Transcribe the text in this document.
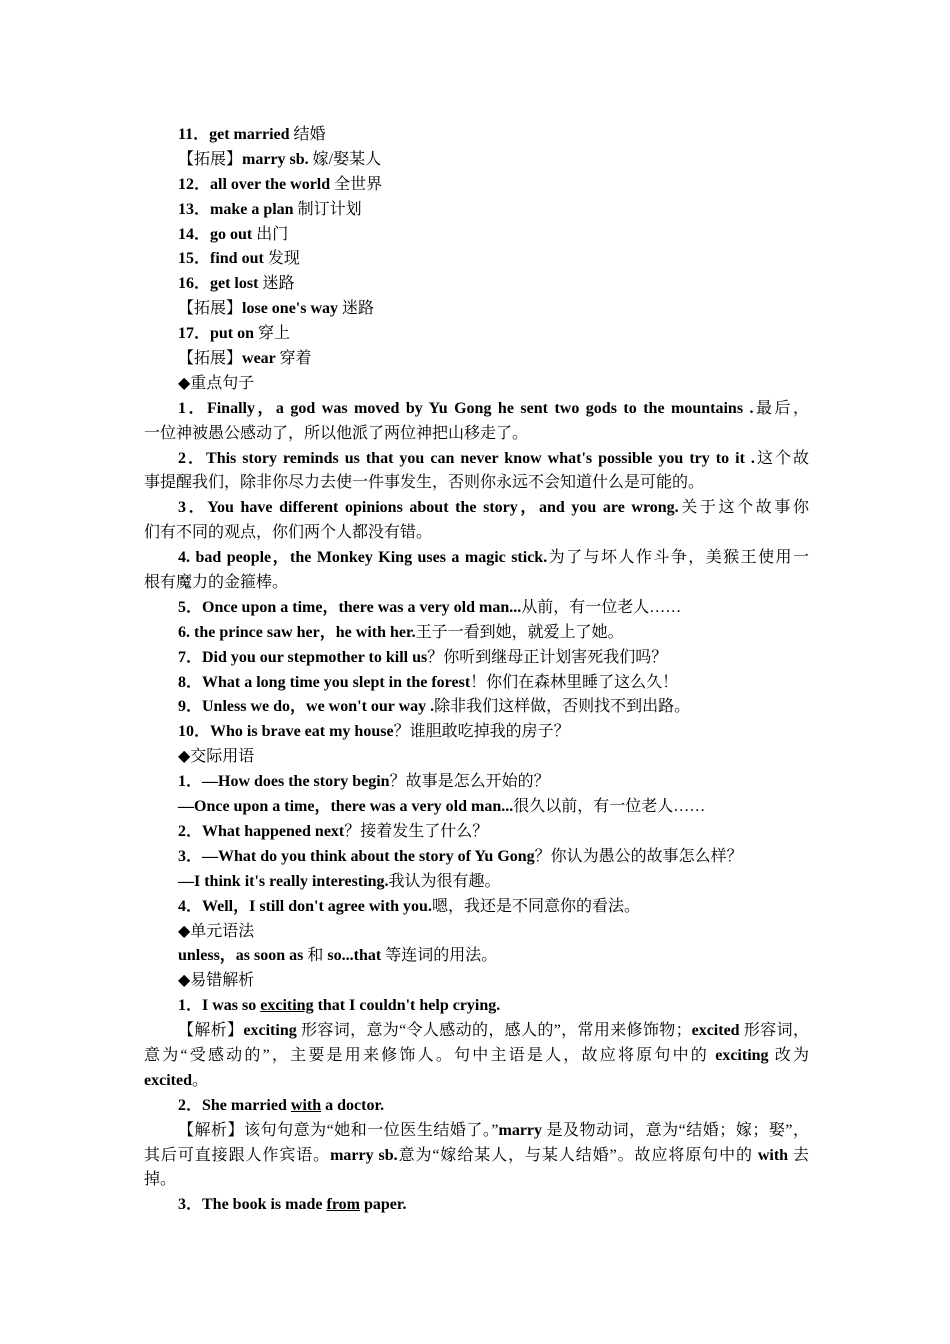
11．get married 结婚
【拓展】marry sb. 嫁/娶某人
12．all over the world 全世界
13．make a plan 制订计划
14．go out 出门
15．find out 发现
16．get lost 迷路
【拓展】lose one's way 迷路
17．put on 穿上
【拓展】wear 穿着
◆重点句子
1．Finally，a god was moved by Yu Gong he sent two gods to the mountains .最后，
一位神被愚公感动了，所以他派了两位神把山移走了。
2．This story reminds us that you can never know what's possible you try to it .这个故
事提醒我们，除非你尽力去使一件事发生，否则你永远不会知道什么是可能的。
3．You have different opinions about the story，and you are wrong.关于这个故事你
们有不同的观点，你们两个人都没有错。
4. bad people，the Monkey King uses a magic stick.为了与坏人作斗争，美猴王使用一
根有魔力的金箍棒。
5．Once upon a time，there was a very old man...从前，有一位老人……
6. the prince saw her，he with her.王子一看到她，就爱上了她。
7．Did you our stepmother to kill us？你听到继母正计划害死我们吗？
8．What a long time you slept in the forest！你们在森林里睡了这么久！
9．Unless we do，we won't our way .除非我们这样做，否则找不到出路。
10．Who is brave eat my house？谁胆敢吃掉我的房子？
◆交际用语
1．—How does the story begin？故事是怎么开始的？
—Once upon a time，there was a very old man...很久以前，有一位老人……
2．What happened next？接着发生了什么？
3．—What do you think about the story of Yu Gong？你认为愚公的故事怎么样？
—I think it's really interesting.我认为很有趣。
4．Well，I still don't agree with you.嗯，我还是不同意你的看法。
◆单元语法
unless，as soon as 和 so...that 等连词的用法。
◆易错解析
1．I was so exciting that I couldn't help crying.
【解析】exciting 形容词，意为“令人感动的，感人的”，常用来修饰物；excited 形容词，
意为“受感动的”，主要是用来修饰人。句中主语是人，故应将原句中的 exciting 改为
excited。
2．She married with a doctor.
【解析】该句句意为“她和一位医生结婚了。”marry 是及物动词，意为“结婚；嫁；娶”，
其后可直接跟人作宾语。marry sb.意为“嫁给某人，与某人结婚”。故应将原句中的 with 去
掉。
3．The book is made from paper.
